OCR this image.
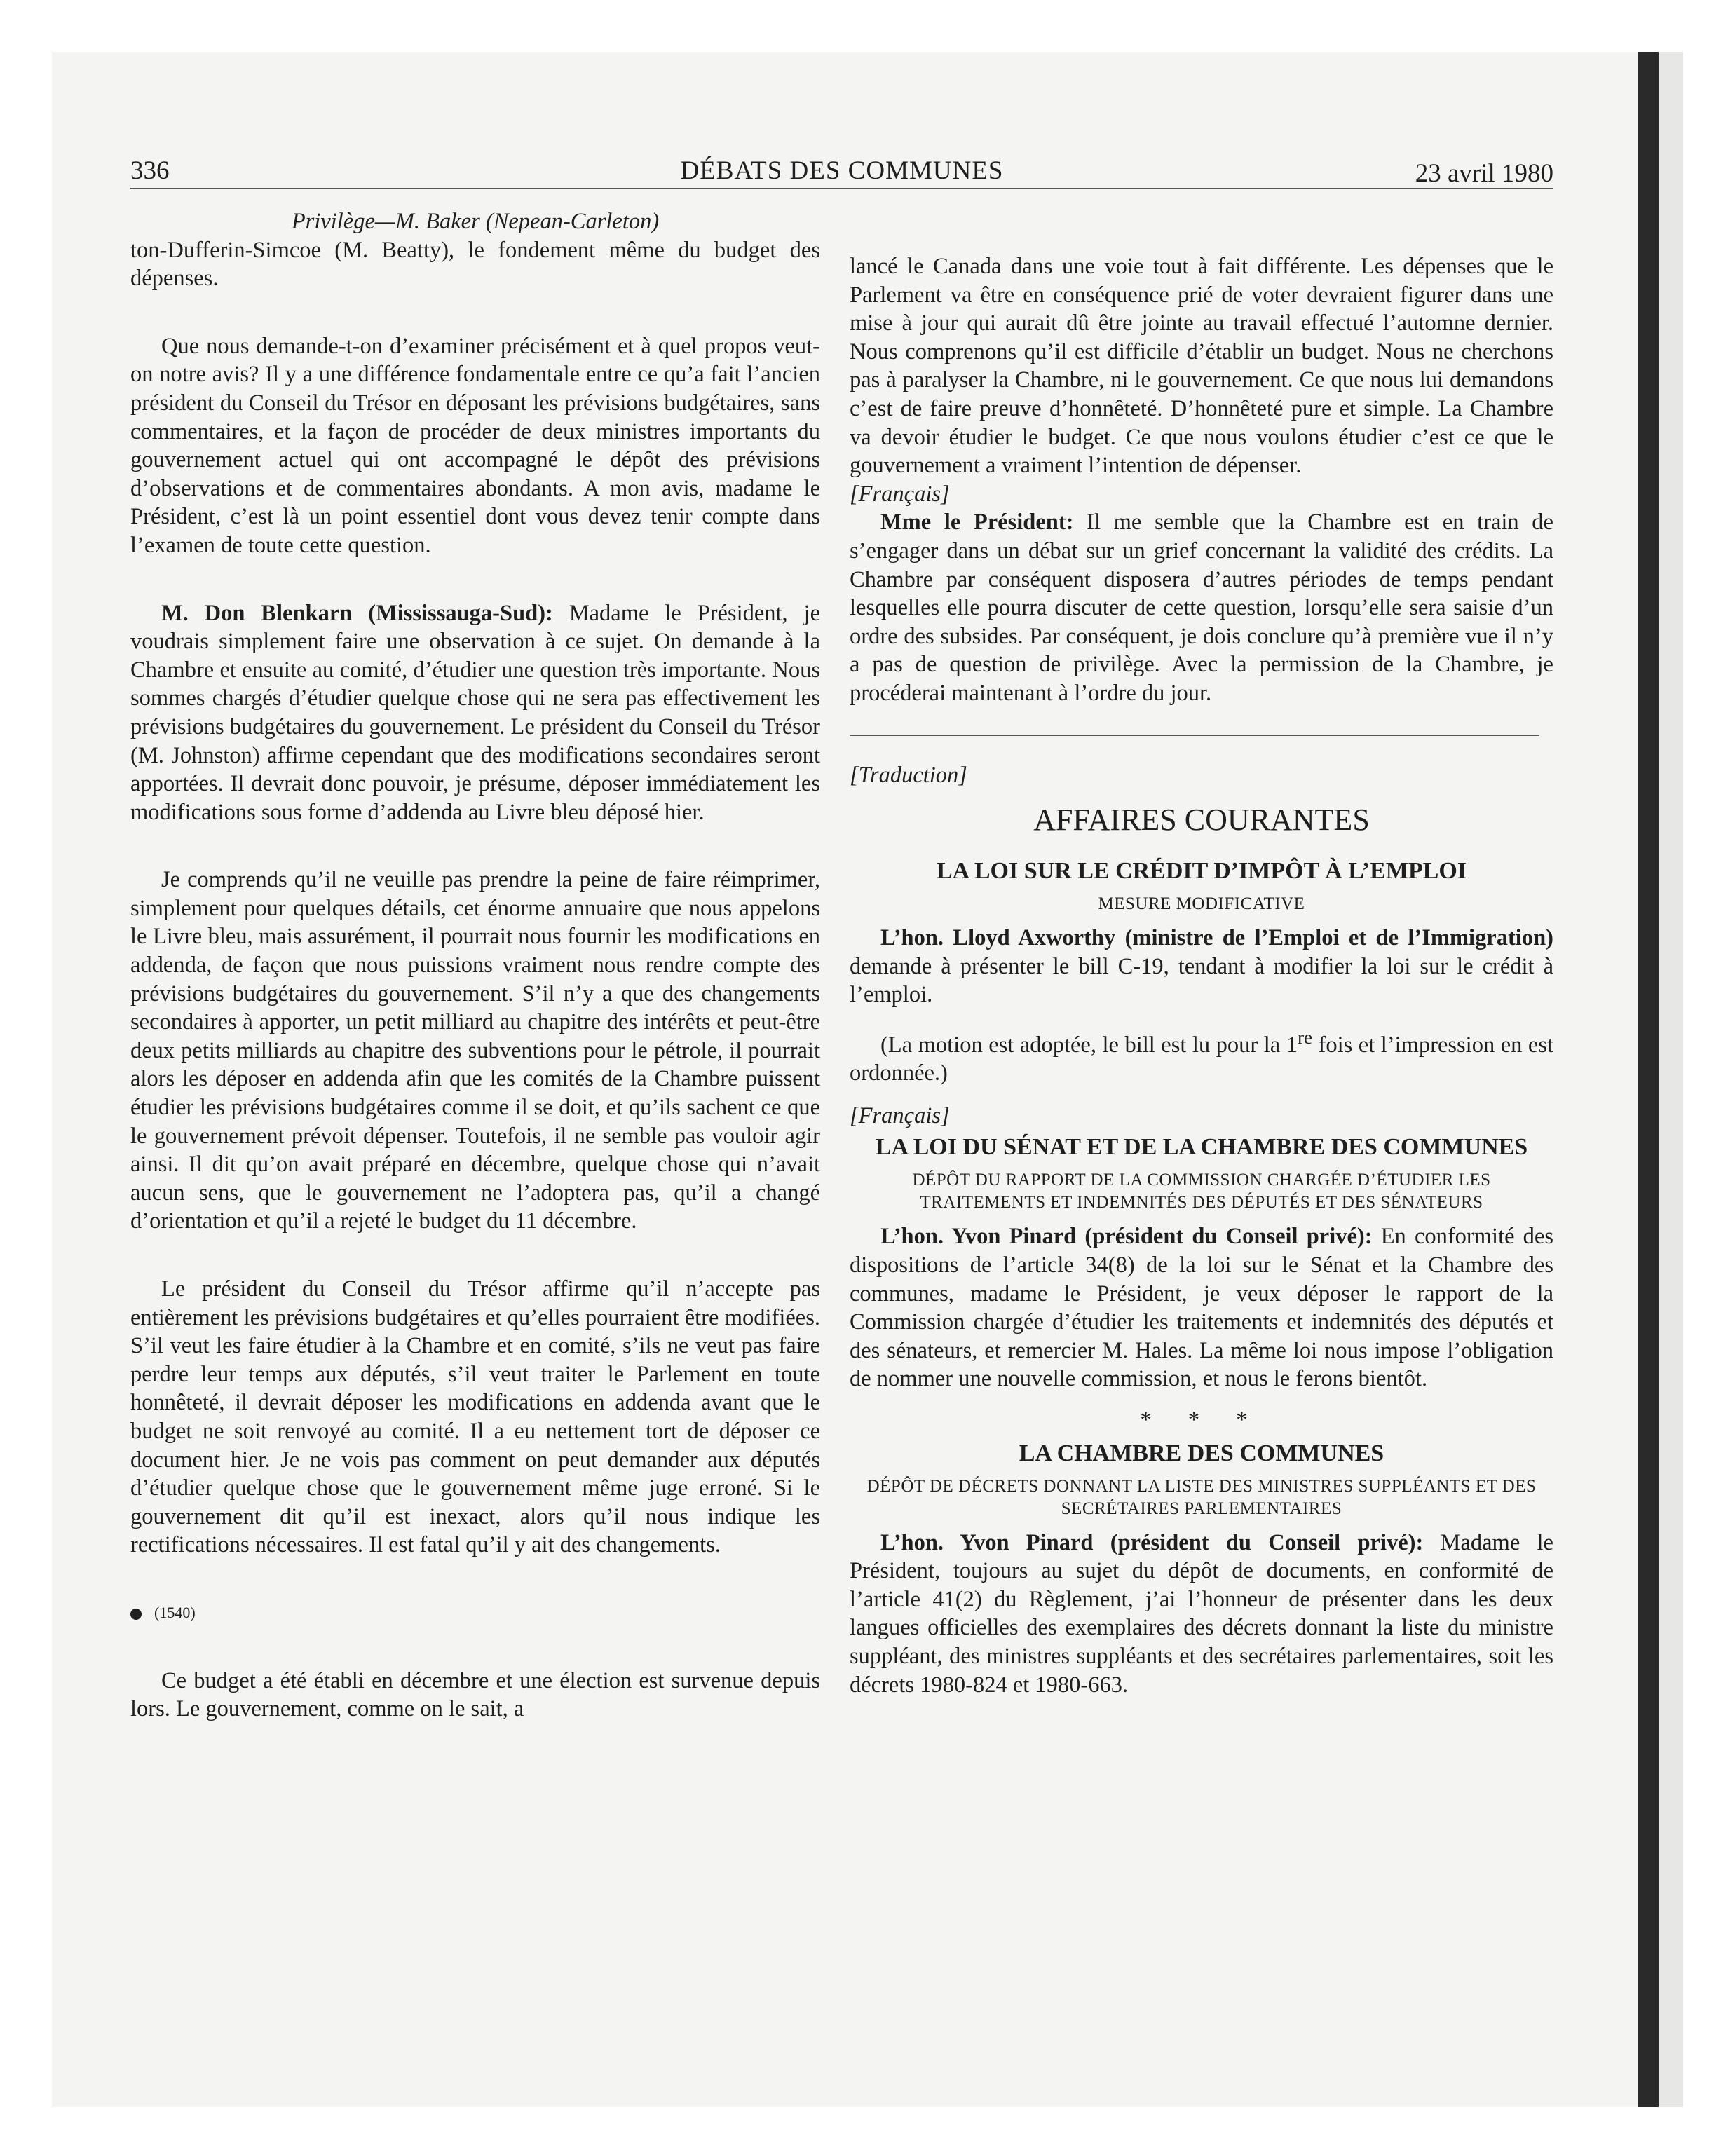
336	DÉBATS DES COMMUNES	23 avril 1980

Privilège—M. Baker (Nepean-Carleton)

ton-Dufferin-Simcoe (M. Beatty), le fondement même du budget des dépenses.

Que nous demande-t-on d’examiner précisément et à quel propos veut-on notre avis? Il y a une différence fondamentale entre ce qu’a fait l’ancien président du Conseil du Trésor en déposant les prévisions budgétaires, sans commentaires, et la façon de procéder de deux ministres importants du gouvernement actuel qui ont accompagné le dépôt des prévisions d’observations et de commentaires abondants. A mon avis, madame le Président, c’est là un point essentiel dont vous devez tenir compte dans l’examen de toute cette question.

M. Don Blenkarn (Mississauga-Sud): Madame le Président, je voudrais simplement faire une observation à ce sujet. On demande à la Chambre et ensuite au comité, d’étudier une question très importante. Nous sommes chargés d’étudier quelque chose qui ne sera pas effectivement les prévisions budgétaires du gouvernement. Le président du Conseil du Trésor (M. Johnston) affirme cependant que des modifications secondaires seront apportées. Il devrait donc pouvoir, je présume, déposer immédiatement les modifications sous forme d’addenda au Livre bleu déposé hier.

Je comprends qu’il ne veuille pas prendre la peine de faire réimprimer, simplement pour quelques détails, cet énorme annuaire que nous appelons le Livre bleu, mais assurément, il pourrait nous fournir les modifications en addenda, de façon que nous puissions vraiment nous rendre compte des prévisions budgétaires du gouvernement. S’il n’y a que des changements secondaires à apporter, un petit milliard au chapitre des intérêts et peut-être deux petits milliards au chapitre des subventions pour le pétrole, il pourrait alors les déposer en addenda afin que les comités de la Chambre puissent étudier les prévisions budgétaires comme il se doit, et qu’ils sachent ce que le gouvernement prévoit dépenser. Toutefois, il ne semble pas vouloir agir ainsi. Il dit qu’on avait préparé en décembre, quelque chose qui n’avait aucun sens, que le gouvernement ne l’adoptera pas, qu’il a changé d’orientation et qu’il a rejeté le budget du 11 décembre.

Le président du Conseil du Trésor affirme qu’il n’accepte pas entièrement les prévisions budgétaires et qu’elles pourraient être modifiées. S’il veut les faire étudier à la Chambre et en comité, s’ils ne veut pas faire perdre leur temps aux députés, s’il veut traiter le Parlement en toute honnêteté, il devrait déposer les modifications en addenda avant que le budget ne soit renvoyé au comité. Il a eu nettement tort de déposer ce document hier. Je ne vois pas comment on peut demander aux députés d’étudier quelque chose que le gouvernement même juge erroné. Si le gouvernement dit qu’il est inexact, alors qu’il nous indique les rectifications nécessaires. Il est fatal qu’il y ait des changements.

(1540)

Ce budget a été établi en décembre et une élection est survenue depuis lors. Le gouvernement, comme on le sait, a

lancé le Canada dans une voie tout à fait différente. Les dépenses que le Parlement va être en conséquence prié de voter devraient figurer dans une mise à jour qui aurait dû être jointe au travail effectué l’automne dernier. Nous comprenons qu’il est difficile d’établir un budget. Nous ne cherchons pas à paralyser la Chambre, ni le gouvernement. Ce que nous lui demandons c’est de faire preuve d’honnêteté. D’honnêteté pure et simple. La Chambre va devoir étudier le budget. Ce que nous voulons étudier c’est ce que le gouvernement a vraiment l’intention de dépenser.

[Français]

Mme le Président: Il me semble que la Chambre est en train de s’engager dans un débat sur un grief concernant la validité des crédits. La Chambre par conséquent disposera d’autres périodes de temps pendant lesquelles elle pourra discuter de cette question, lorsqu’elle sera saisie d’un ordre des subsides. Par conséquent, je dois conclure qu’à première vue il n’y a pas de question de privilège. Avec la permission de la Chambre, je procéderai maintenant à l’ordre du jour.

[Traduction]

AFFAIRES COURANTES
LA LOI SUR LE CRÉDIT D’IMPÔT À L’EMPLOI
MESURE MODIFICATIVE

L’hon. Lloyd Axworthy (ministre de l’Emploi et de l’Immigration) demande à présenter le bill C-19, tendant à modifier la loi sur le crédit à l’emploi.

(La motion est adoptée, le bill est lu pour la 1re fois et l’impression en est ordonnée.)

[Français]

LA LOI DU SÉNAT ET DE LA CHAMBRE DES COMMUNES
DÉPÔT DU RAPPORT DE LA COMMISSION CHARGÉE D’ÉTUDIER LES TRAITEMENTS ET INDEMNITÉS DES DÉPUTÉS ET DES SÉNATEURS

L’hon. Yvon Pinard (président du Conseil privé): En conformité des dispositions de l’article 34(8) de la loi sur le Sénat et la Chambre des communes, madame le Président, je veux déposer le rapport de la Commission chargée d’étudier les traitements et indemnités des députés et des sénateurs, et remercier M. Hales. La même loi nous impose l’obligation de nommer une nouvelle commission, et nous le ferons bientôt.

* * *
LA CHAMBRE DES COMMUNES
DÉPÔT DE DÉCRETS DONNANT LA LISTE DES MINISTRES SUPPLÉANTS ET DES SECRÉTAIRES PARLEMENTAIRES

L’hon. Yvon Pinard (président du Conseil privé): Madame le Président, toujours au sujet du dépôt de documents, en conformité de l’article 41(2) du Règlement, j’ai l’honneur de présenter dans les deux langues officielles des exemplaires des décrets donnant la liste du ministre suppléant, des ministres suppléants et des secrétaires parlementaires, soit les décrets 1980-824 et 1980-663.
